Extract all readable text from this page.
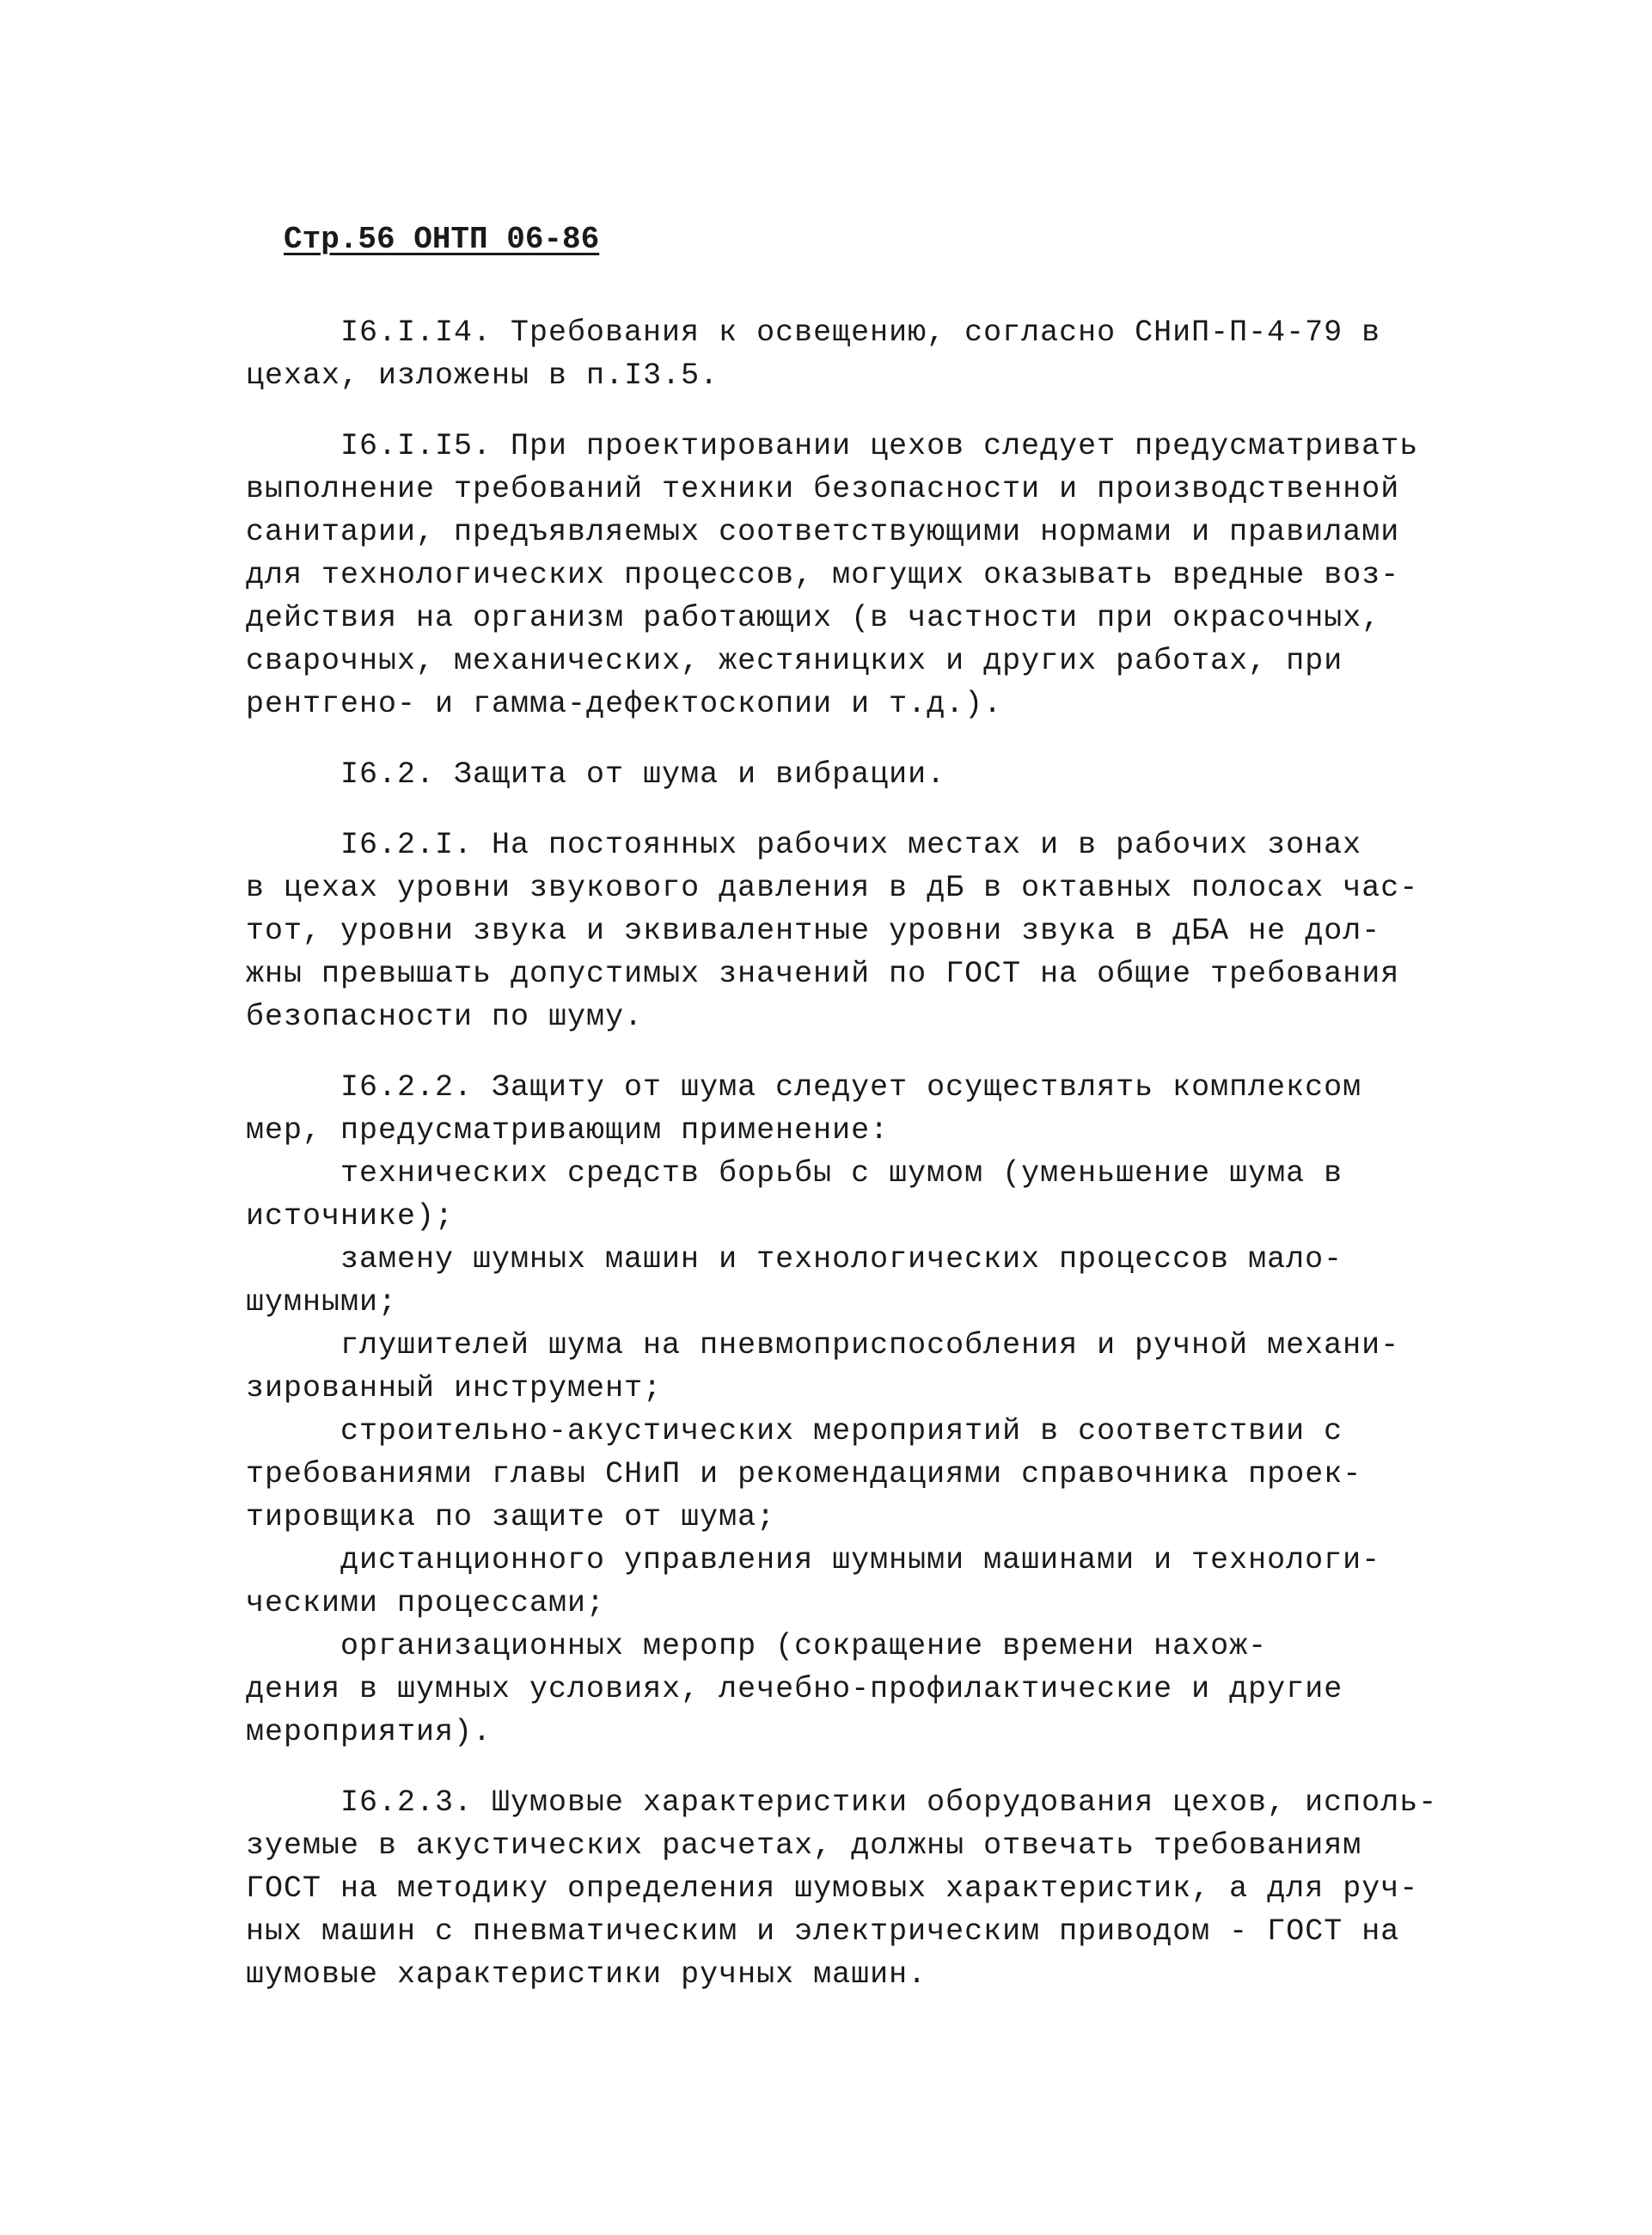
Стр.56 ОНТП 06-86
I6.I.I4. Требования к освещению, согласно СНиП-П-4-79 в
цехах, изложены в п.I3.5.
I6.I.I5. При проектировании цехов следует предусматривать
выполнение требований техники безопасности и производственной
санитарии, предъявляемых соответствующими нормами и правилами
для технологических процессов, могущих оказывать вредные воз-
действия на организм работающих (в частности при окрасочных,
сварочных, механических, жестяницких и других работах, при
рентгено- и гамма-дефектоскопии и т.д.).
I6.2. Защита от шума и вибрации.
I6.2.I. На постоянных рабочих местах и в рабочих зонах
в цехах уровни звукового давления в дБ в октавных полосах час-
тот, уровни звука и эквивалентные уровни звука в дБА не дол-
жны превышать допустимых значений по ГОСТ на общие требования
безопасности по шуму.
I6.2.2. Защиту от шума следует осуществлять комплексом
мер, предусматривающим применение:
технических средств борьбы с шумом (уменьшение шума в
источнике);
замену шумных машин и технологических процессов мало-
шумными;
глушителей шума на пневмоприспособления и ручной механи-
зированный инструмент;
строительно-акустических мероприятий в соответствии с
требованиями главы СНиП и рекомендациями справочника проек-
тировщика по защите от шума;
дистанционного управления шумными машинами и технологи-
ческими процессами;
организационных меропр (сокращение времени нахож-
дения в шумных условиях, лечебно-профилактические и другие
мероприятия).
I6.2.3. Шумовые характеристики оборудования цехов, исполь-
зуемые в акустических расчетах, должны отвечать требованиям
ГОСТ на методику определения шумовых характеристик, а для руч-
ных машин с пневматическим и электрическим приводом - ГОСТ на
шумовые характеристики ручных машин.
